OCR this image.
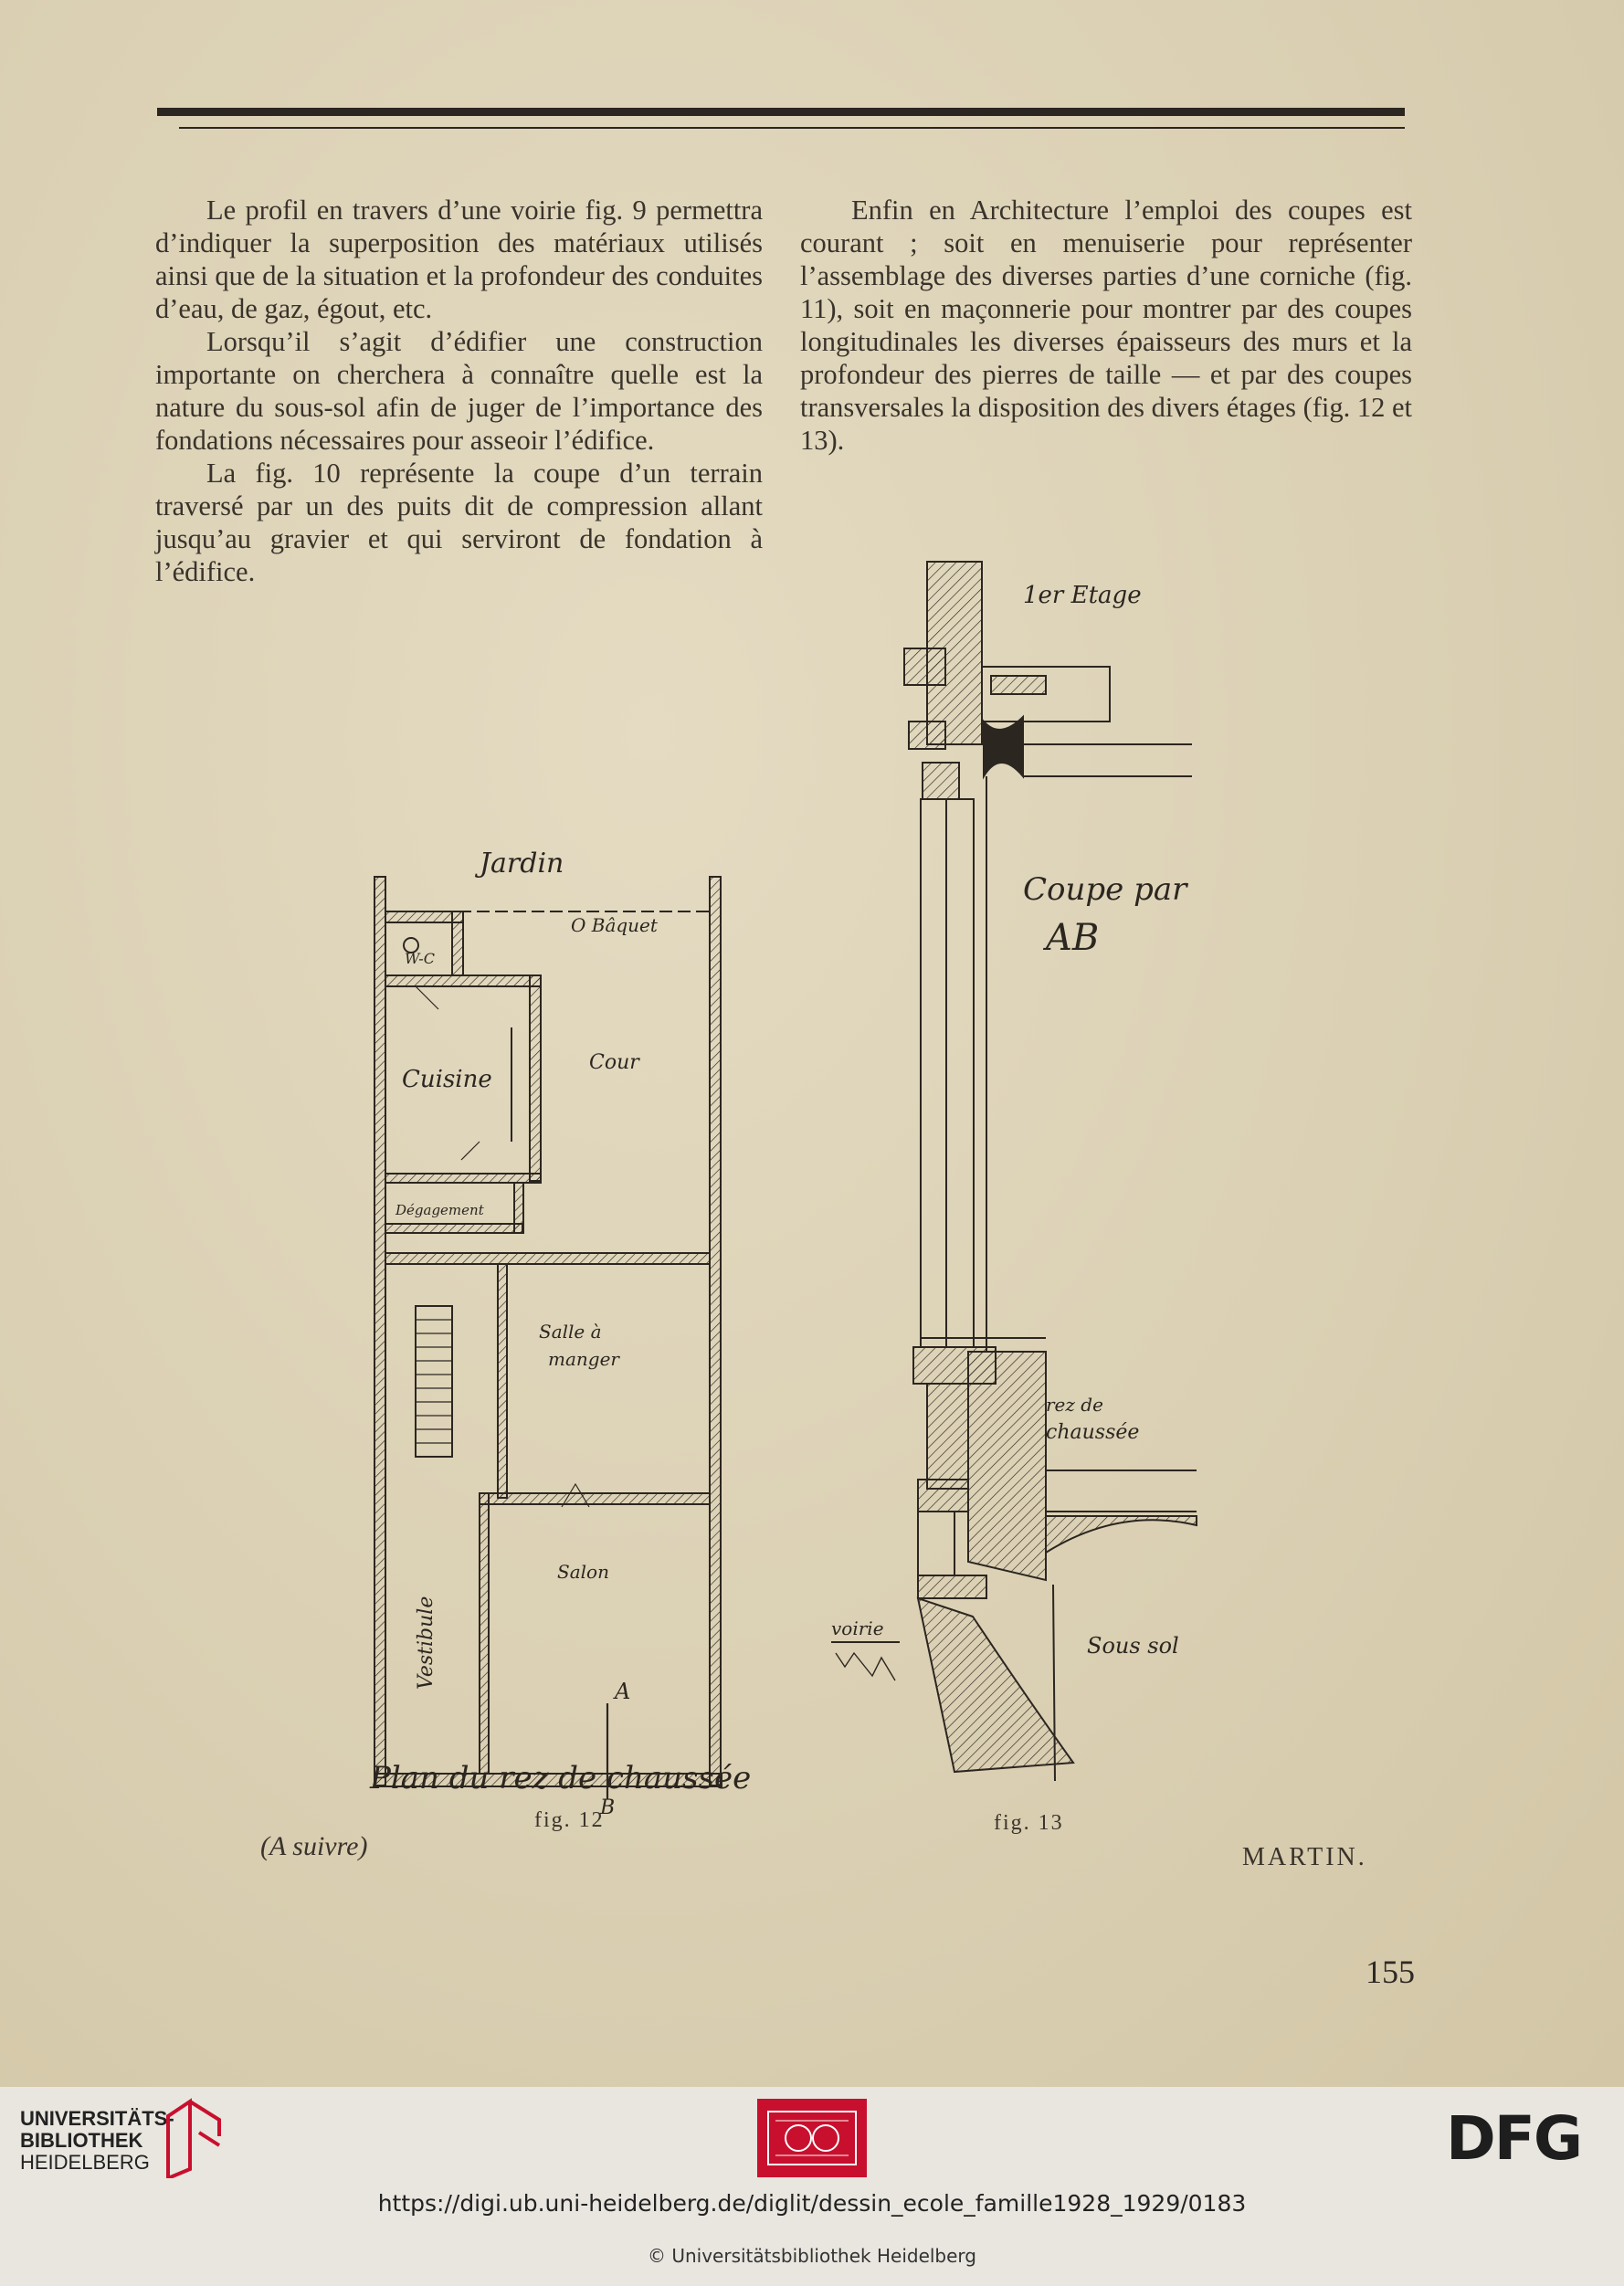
Le profil en travers d’une voirie fig. 9 permettra d’indiquer la superposition des matériaux utilisés ainsi que de la situation et la profondeur des conduites d’eau, de gaz, égout, etc.

Lorsqu’il s’agit d’édifier une construction importante on cherchera à connaître quelle est la nature du sous-sol afin de juger de l’importance des fondations nécessaires pour asseoir l’édifice.

La fig. 10 représente la coupe d’un terrain traversé par un des puits dit de compression allant jusqu’au gravier et qui serviront de fondation à l’édifice.

Enfin en Architecture l’emploi des coupes est courant ; soit en menuiserie pour représenter l’assemblage des diverses parties d’une corniche (fig. 11), soit en maçonnerie pour montrer par des coupes longitudinales les diverses épaisseurs des murs et la profondeur des pierres de taille — et par des coupes transversales la disposition des divers étages (fig. 12 et 13).

Jardin
W-C
O Bâquet
Cuisine
Cour
Dégagement
Salle à
manger
Salon
Vestibule
A
Plan du rez de chaussée
B
fig. 12
1er Etage
Coupe par
AB
rez de
chaussée
voirie
Sous sol
fig. 13
(A suivre)	MARTIN.
155
UNIVERSITÄTS-
BIBLIOTHEK
HEIDELBERG	DFG
https://digi.ub.uni-heidelberg.de/diglit/dessin_ecole_famille1928_1929/0183
© Universitätsbibliothek Heidelberg
